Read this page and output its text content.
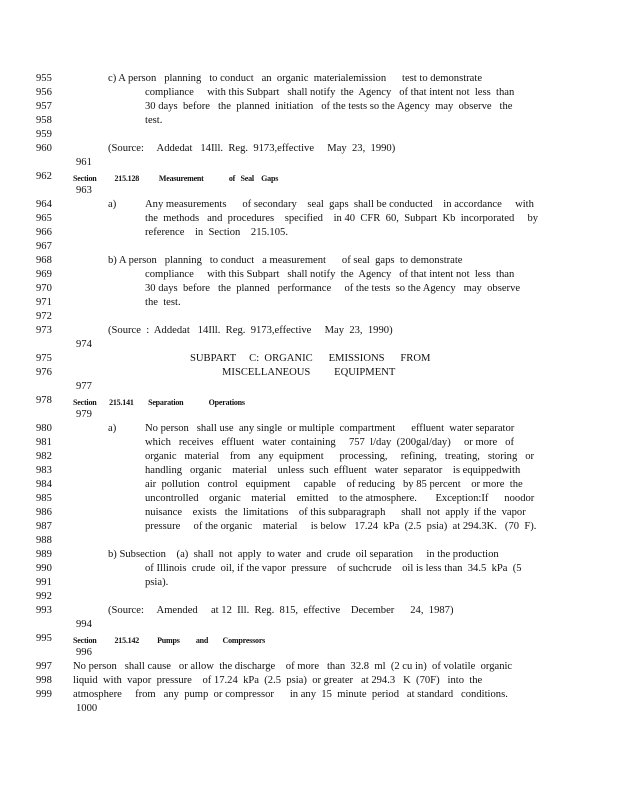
955
956
957
958
959
960
961
962
963
964
965
966
967
968
969
970
971
972
973
974
975
976
977
978
979
980
981
982
983
984
985
986
987
988
989
990
991
992
993
994
995
996
997
998
999
1000
c) A person   planning   to conduct   an  organic  materialemission      test to demonstrate
compliance     with this Subpart   shall notify  the  Agency   of that intent not  less  than
30 days  before   the  planned  initiation   of the tests so the Agency  may  observe   the
test.
(Source:     Addedat   14Ill.  Reg.  9173,effective     May  23,  1990)
Section          215.128           Measurement              of   Seal    Gaps
a)	Any measurements      of secondary    seal  gaps  shall be conducted    in accordance     with
the  methods   and  procedures    specified    in 40  CFR  60,  Subpart  Kb  incorporated     by
reference    in  Section    215.105.
b) A person   planning   to conduct   a measurement      of seal  gaps  to demonstrate
compliance     with this Subpart   shall notify  the  Agency   of that intent not  less  than
30 days  before   the  planned   performance     of the tests  so the Agency   may  observe
the  test.
(Source  :  Addedat   14Ill.  Reg.  9173,effective     May  23,  1990)
SUBPART     C:  ORGANIC      EMISSIONS      FROM
MISCELLANEOUS         EQUIPMENT
Section       215.141        Separation              Operations
a)	No person   shall use  any single  or multiple  compartment      effluent  water separator
which   receives   effluent   water  containing     757  l/day  (200gal/day)     or more   of
organic   material    from   any  equipment      processing,     refining,   treating,   storing   or
handling   organic    material    unless  such  effluent   water  separator    is equippedwith
air  pollution   control   equipment     capable    of reducing   by 85 percent    or more  the
uncontrolled    organic    material    emitted    to the atmosphere.       Exception:If      noodor
nuisance    exists   the  limitations    of this subparagraph      shall  not  apply  if the  vapor
pressure     of the organic    material     is below   17.24  kPa  (2.5  psia)  at 294.3K.   (70  F).
b) Subsection    (a)  shall  not  apply  to water  and  crude  oil separation     in the production
of Illinois  crude  oil, if the vapor  pressure    of suchcrude    oil is less than  34.5  kPa  (5
psia).
(Source:     Amended     at 12  Ill.  Reg.  815,  effective    December      24,  1987)
Section          215.142          Pumps         and        Compressors
No person   shall cause   or allow  the discharge    of more   than  32.8  ml  (2 cu in)  of volatile  organic
liquid  with  vapor  pressure    of 17.24  kPa  (2.5  psia)  or greater   at 294.3   K  (70F)   into  the
atmosphere     from   any  pump  or compressor      in any  15  minute  period   at standard   conditions.
